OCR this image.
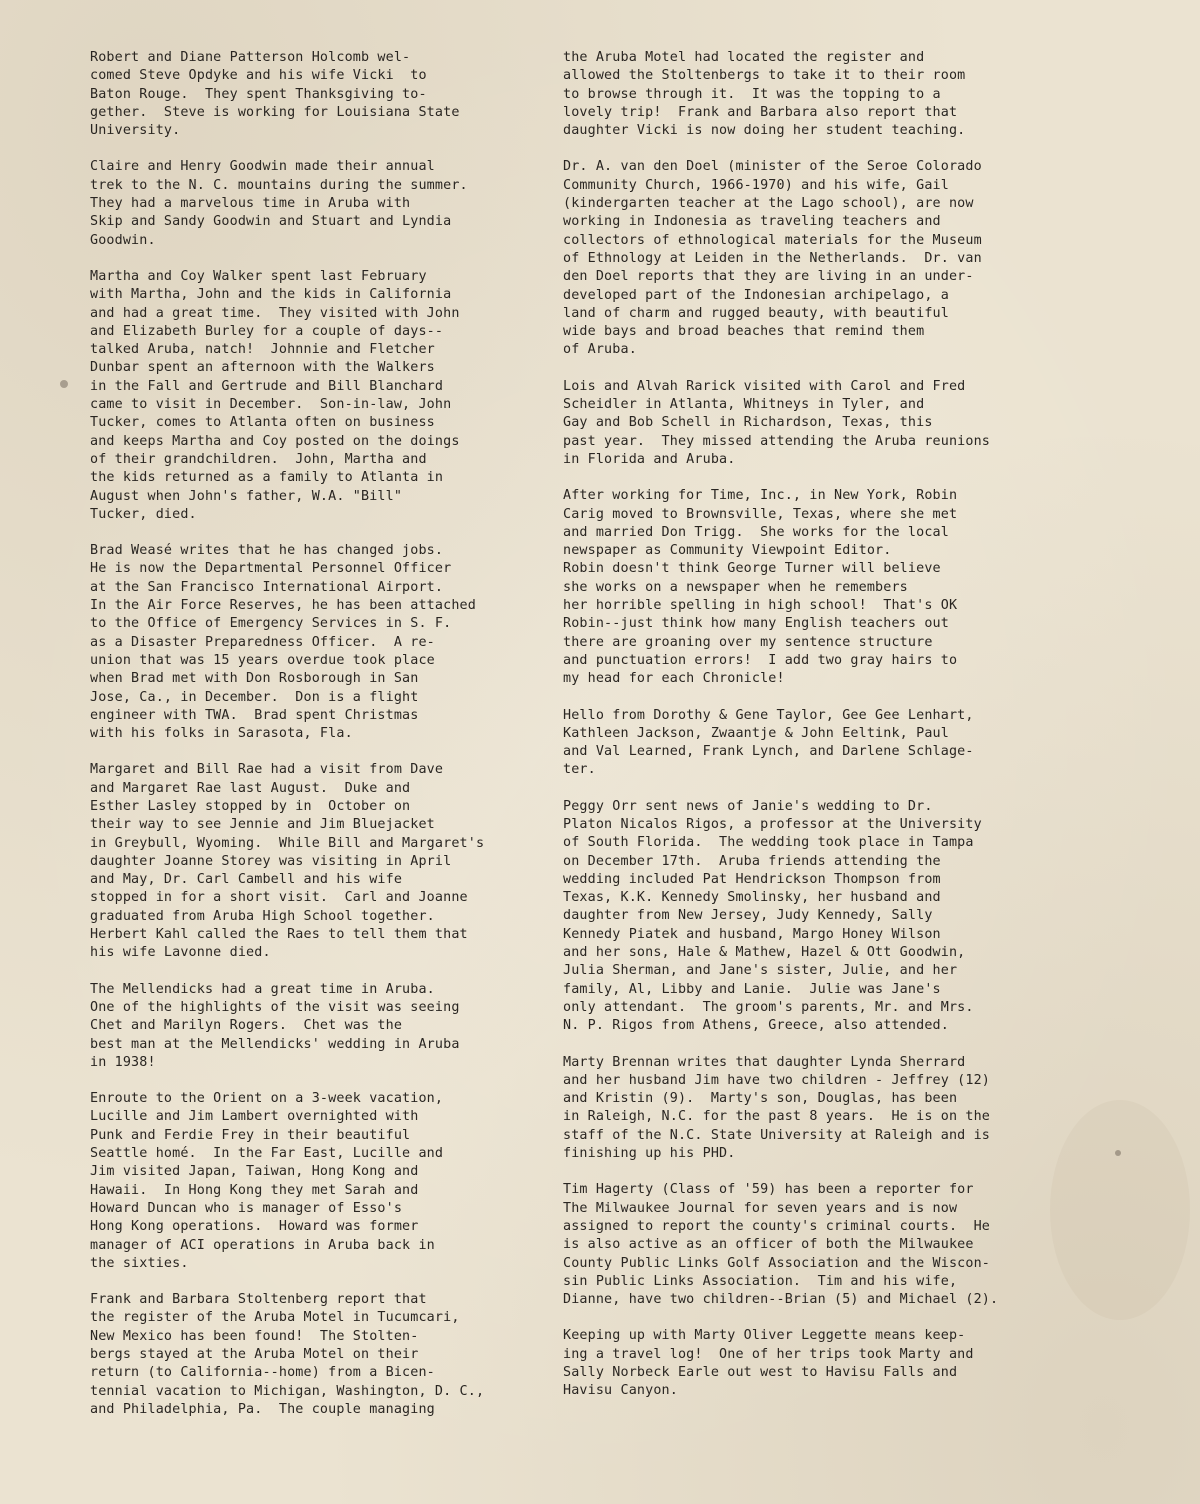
Robert and Diane Patterson Holcomb wel-
comed Steve Opdyke and his wife Vicki  to
Baton Rouge.  They spent Thanksgiving to-
gether.  Steve is working for Louisiana State
University.
Claire and Henry Goodwin made their annual
trek to the N. C. mountains during the summer.
They had a marvelous time in Aruba with
Skip and Sandy Goodwin and Stuart and Lyndia
Goodwin.
Martha and Coy Walker spent last February
with Martha, John and the kids in California
and had a great time.  They visited with John
and Elizabeth Burley for a couple of days--
talked Aruba, natch!  Johnnie and Fletcher
Dunbar spent an afternoon with the Walkers
in the Fall and Gertrude and Bill Blanchard
came to visit in December.  Son-in-law, John
Tucker, comes to Atlanta often on business
and keeps Martha and Coy posted on the doings
of their grandchildren.  John, Martha and
the kids returned as a family to Atlanta in
August when John's father, W.A. "Bill"
Tucker, died.
Brad Weasé writes that he has changed jobs.
He is now the Departmental Personnel Officer
at the San Francisco International Airport.
In the Air Force Reserves, he has been attached
to the Office of Emergency Services in S. F.
as a Disaster Preparedness Officer.  A re-
union that was 15 years overdue took place
when Brad met with Don Rosborough in San
Jose, Ca., in December.  Don is a flight
engineer with TWA.  Brad spent Christmas
with his folks in Sarasota, Fla.
Margaret and Bill Rae had a visit from Dave
and Margaret Rae last August.  Duke and
Esther Lasley stopped by in  October on
their way to see Jennie and Jim Bluejacket
in Greybull, Wyoming.  While Bill and Margaret's
daughter Joanne Storey was visiting in April
and May, Dr. Carl Cambell and his wife
stopped in for a short visit.  Carl and Joanne
graduated from Aruba High School together.
Herbert Kahl called the Raes to tell them that
his wife Lavonne died.
The Mellendicks had a great time in Aruba.
One of the highlights of the visit was seeing
Chet and Marilyn Rogers.  Chet was the
best man at the Mellendicks' wedding in Aruba
in 1938!
Enroute to the Orient on a 3-week vacation,
Lucille and Jim Lambert overnighted with
Punk and Ferdie Frey in their beautiful
Seattle homé.  In the Far East, Lucille and
Jim visited Japan, Taiwan, Hong Kong and
Hawaii.  In Hong Kong they met Sarah and
Howard Duncan who is manager of Esso's
Hong Kong operations.  Howard was former
manager of ACI operations in Aruba back in
the sixties.
Frank and Barbara Stoltenberg report that
the register of the Aruba Motel in Tucumcari,
New Mexico has been found!  The Stolten-
bergs stayed at the Aruba Motel on their
return (to California--home) from a Bicen-
tennial vacation to Michigan, Washington, D. C.,
and Philadelphia, Pa.  The couple managing
the Aruba Motel had located the register and
allowed the Stoltenbergs to take it to their room
to browse through it.  It was the topping to a
lovely trip!  Frank and Barbara also report that
daughter Vicki is now doing her student teaching.
Dr. A. van den Doel (minister of the Seroe Colorado
Community Church, 1966-1970) and his wife, Gail
(kindergarten teacher at the Lago school), are now
working in Indonesia as traveling teachers and
collectors of ethnological materials for the Museum
of Ethnology at Leiden in the Netherlands.  Dr. van
den Doel reports that they are living in an under-
developed part of the Indonesian archipelago, a
land of charm and rugged beauty, with beautiful
wide bays and broad beaches that remind them
of Aruba.
Lois and Alvah Rarick visited with Carol and Fred
Scheidler in Atlanta, Whitneys in Tyler, and
Gay and Bob Schell in Richardson, Texas, this
past year.  They missed attending the Aruba reunions
in Florida and Aruba.
After working for Time, Inc., in New York, Robin
Carig moved to Brownsville, Texas, where she met
and married Don Trigg.  She works for the local
newspaper as Community Viewpoint Editor.
Robin doesn't think George Turner will believe
she works on a newspaper when he remembers
her horrible spelling in high school!  That's OK
Robin--just think how many English teachers out
there are groaning over my sentence structure
and punctuation errors!  I add two gray hairs to
my head for each Chronicle!
Hello from Dorothy & Gene Taylor, Gee Gee Lenhart,
Kathleen Jackson, Zwaantje & John Eeltink, Paul
and Val Learned, Frank Lynch, and Darlene Schlage-
ter.
Peggy Orr sent news of Janie's wedding to Dr.
Platon Nicalos Rigos, a professor at the University
of South Florida.  The wedding took place in Tampa
on December 17th.  Aruba friends attending the
wedding included Pat Hendrickson Thompson from
Texas, K.K. Kennedy Smolinsky, her husband and
daughter from New Jersey, Judy Kennedy, Sally
Kennedy Piatek and husband, Margo Honey Wilson
and her sons, Hale & Mathew, Hazel & Ott Goodwin,
Julia Sherman, and Jane's sister, Julie, and her
family, Al, Libby and Lanie.  Julie was Jane's
only attendant.  The groom's parents, Mr. and Mrs.
N. P. Rigos from Athens, Greece, also attended.
Marty Brennan writes that daughter Lynda Sherrard
and her husband Jim have two children - Jeffrey (12)
and Kristin (9).  Marty's son, Douglas, has been
in Raleigh, N.C. for the past 8 years.  He is on the
staff of the N.C. State University at Raleigh and is
finishing up his PHD.
Tim Hagerty (Class of '59) has been a reporter for
The Milwaukee Journal for seven years and is now
assigned to report the county's criminal courts.  He
is also active as an officer of both the Milwaukee
County Public Links Golf Association and the Wiscon-
sin Public Links Association.  Tim and his wife,
Dianne, have two children--Brian (5) and Michael (2).
Keeping up with Marty Oliver Leggette means keep-
ing a travel log!  One of her trips took Marty and
Sally Norbeck Earle out west to Havisu Falls and
Havisu Canyon.
